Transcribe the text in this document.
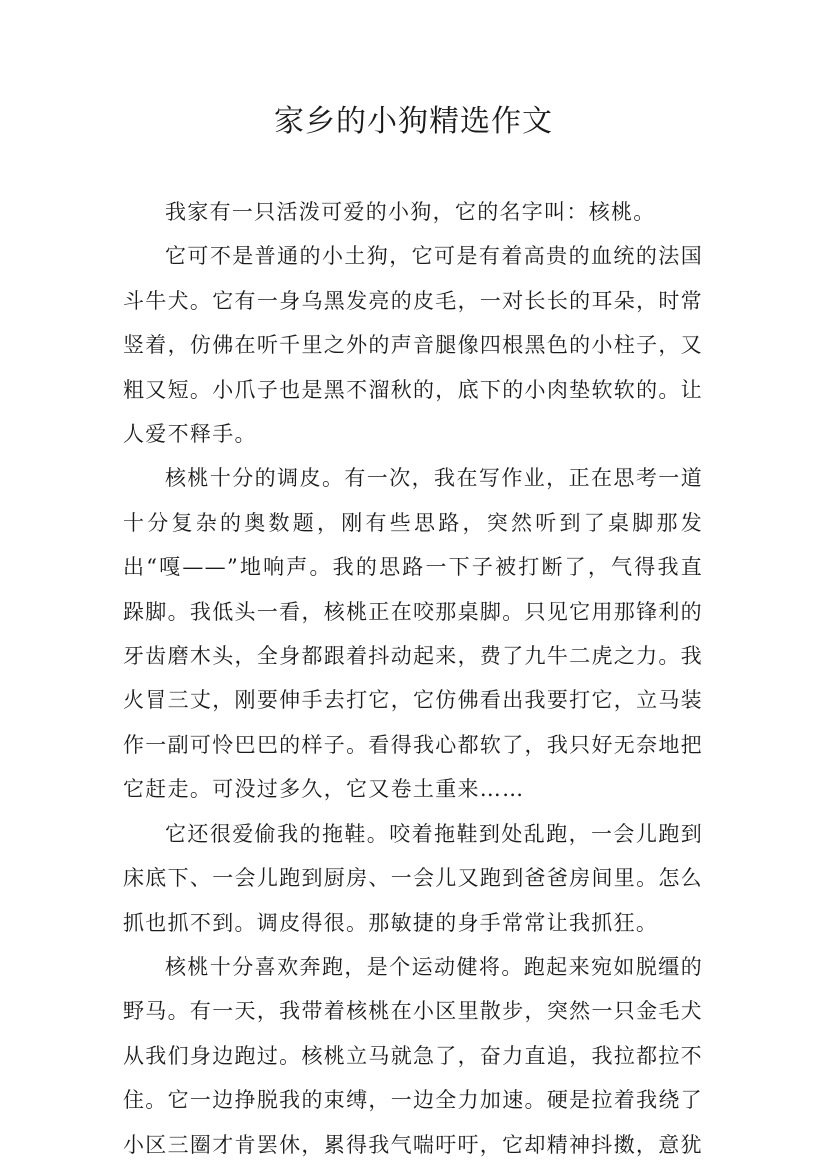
家乡的小狗精选作文

我家有一只活泼可爱的小狗，它的名字叫：核桃。

它可不是普通的小土狗，它可是有着高贵的血统的法国斗牛犬。它有一身乌黑发亮的皮毛，一对长长的耳朵，时常竖着，仿佛在听千里之外的声音腿像四根黑色的小柱子，又粗又短。小爪子也是黑不溜秋的，底下的小肉垫软软的。让人爱不释手。

核桃十分的调皮。有一次，我在写作业，正在思考一道十分复杂的奥数题，刚有些思路，突然听到了桌脚那发出“嘎——”地响声。我的思路一下子被打断了，气得我直跺脚。我低头一看，核桃正在咬那桌脚。只见它用那锋利的牙齿磨木头，全身都跟着抖动起来，费了九牛二虎之力。我火冒三丈，刚要伸手去打它，它仿佛看出我要打它，立马装作一副可怜巴巴的样子。看得我心都软了，我只好无奈地把它赶走。可没过多久，它又卷土重来……

它还很爱偷我的拖鞋。咬着拖鞋到处乱跑，一会儿跑到床底下、一会儿跑到厨房、一会儿又跑到爸爸房间里。怎么抓也抓不到。调皮得很。那敏捷的身手常常让我抓狂。

核桃十分喜欢奔跑，是个运动健将。跑起来宛如脱缰的野马。有一天，我带着核桃在小区里散步，突然一只金毛犬从我们身边跑过。核桃立马就急了，奋力直追，我拉都拉不住。它一边挣脱我的束缚，一边全力加速。硬是拉着我绕了小区三圈才肯罢休，累得我气喘吁吁，它却精神抖擞，意犹
